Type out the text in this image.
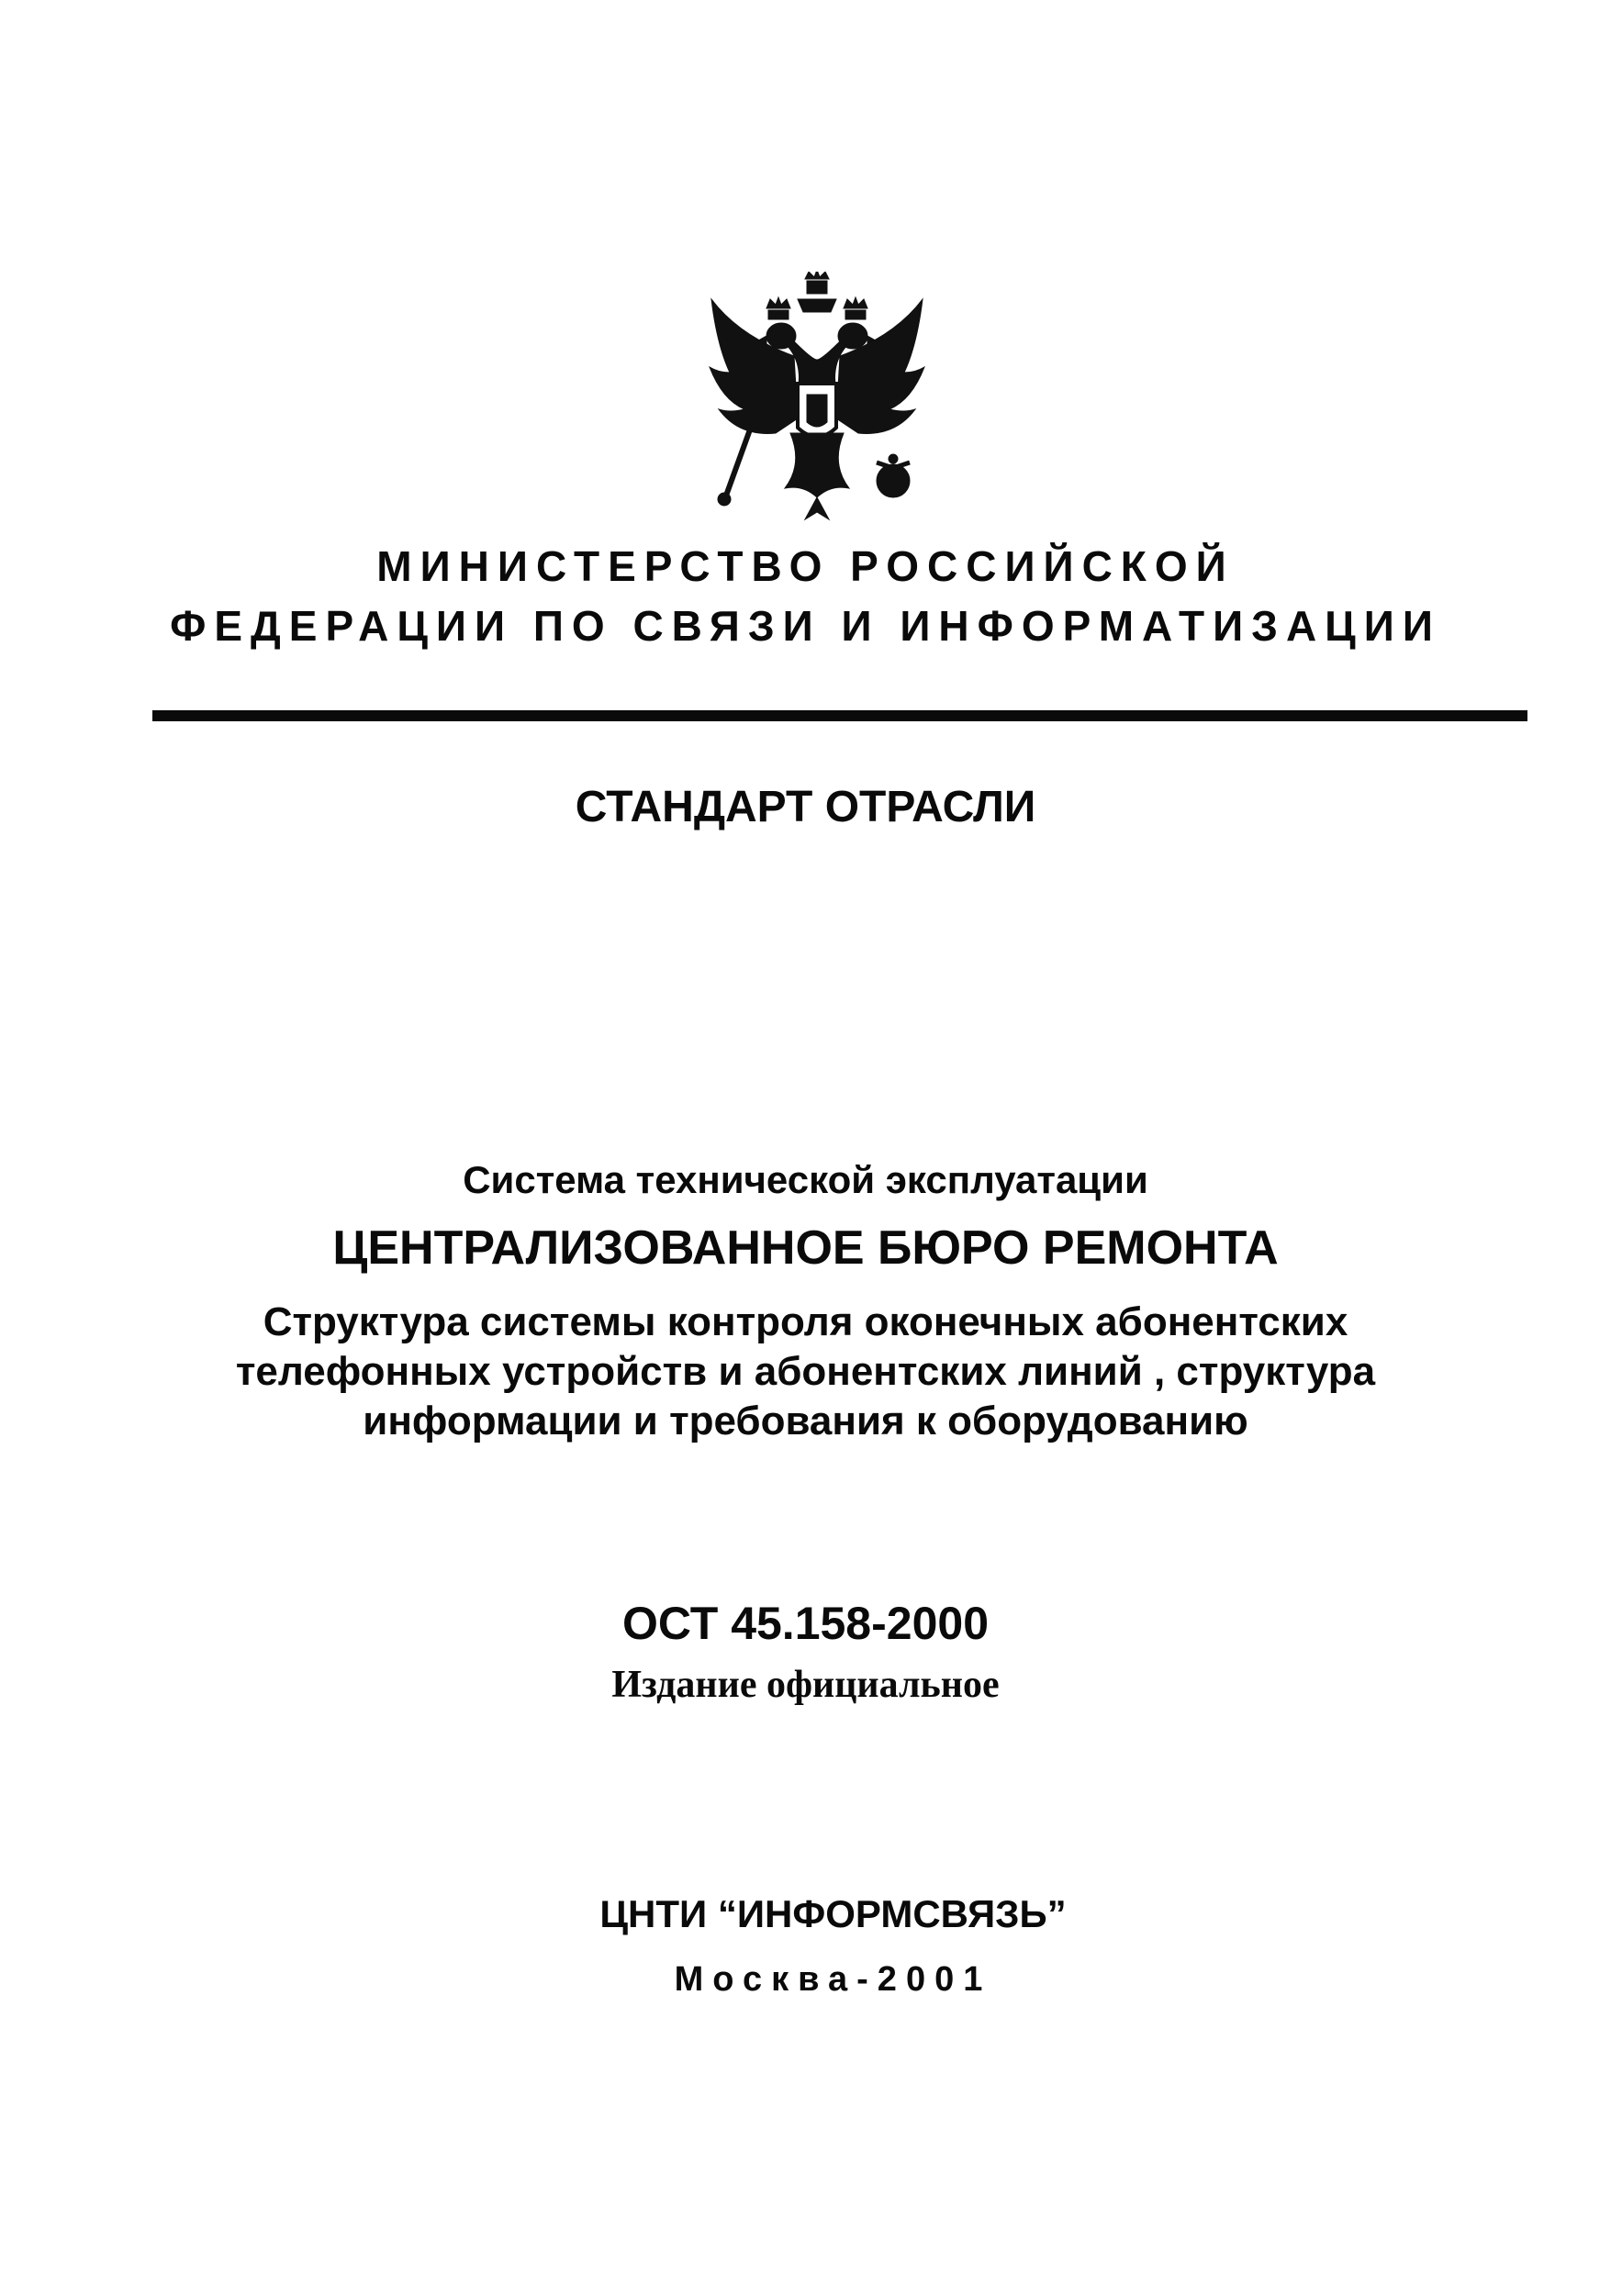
МИНИСТЕРСТВО РОССИЙСКОЙ
ФЕДЕРАЦИИ ПО СВЯЗИ И ИНФОРМАТИЗАЦИИ
СТАНДАРТ ОТРАСЛИ
Система технической эксплуатации
ЦЕНТРАЛИЗОВАННОЕ БЮРО РЕМОНТА
Структура системы контроля оконечных абонентских
телефонных устройств и абонентских линий , структура
информации и требования к оборудованию
ОСТ 45.158-2000
Издание официальное
ЦНТИ “ИНФОРМСВЯЗЬ”
Москва-2001
